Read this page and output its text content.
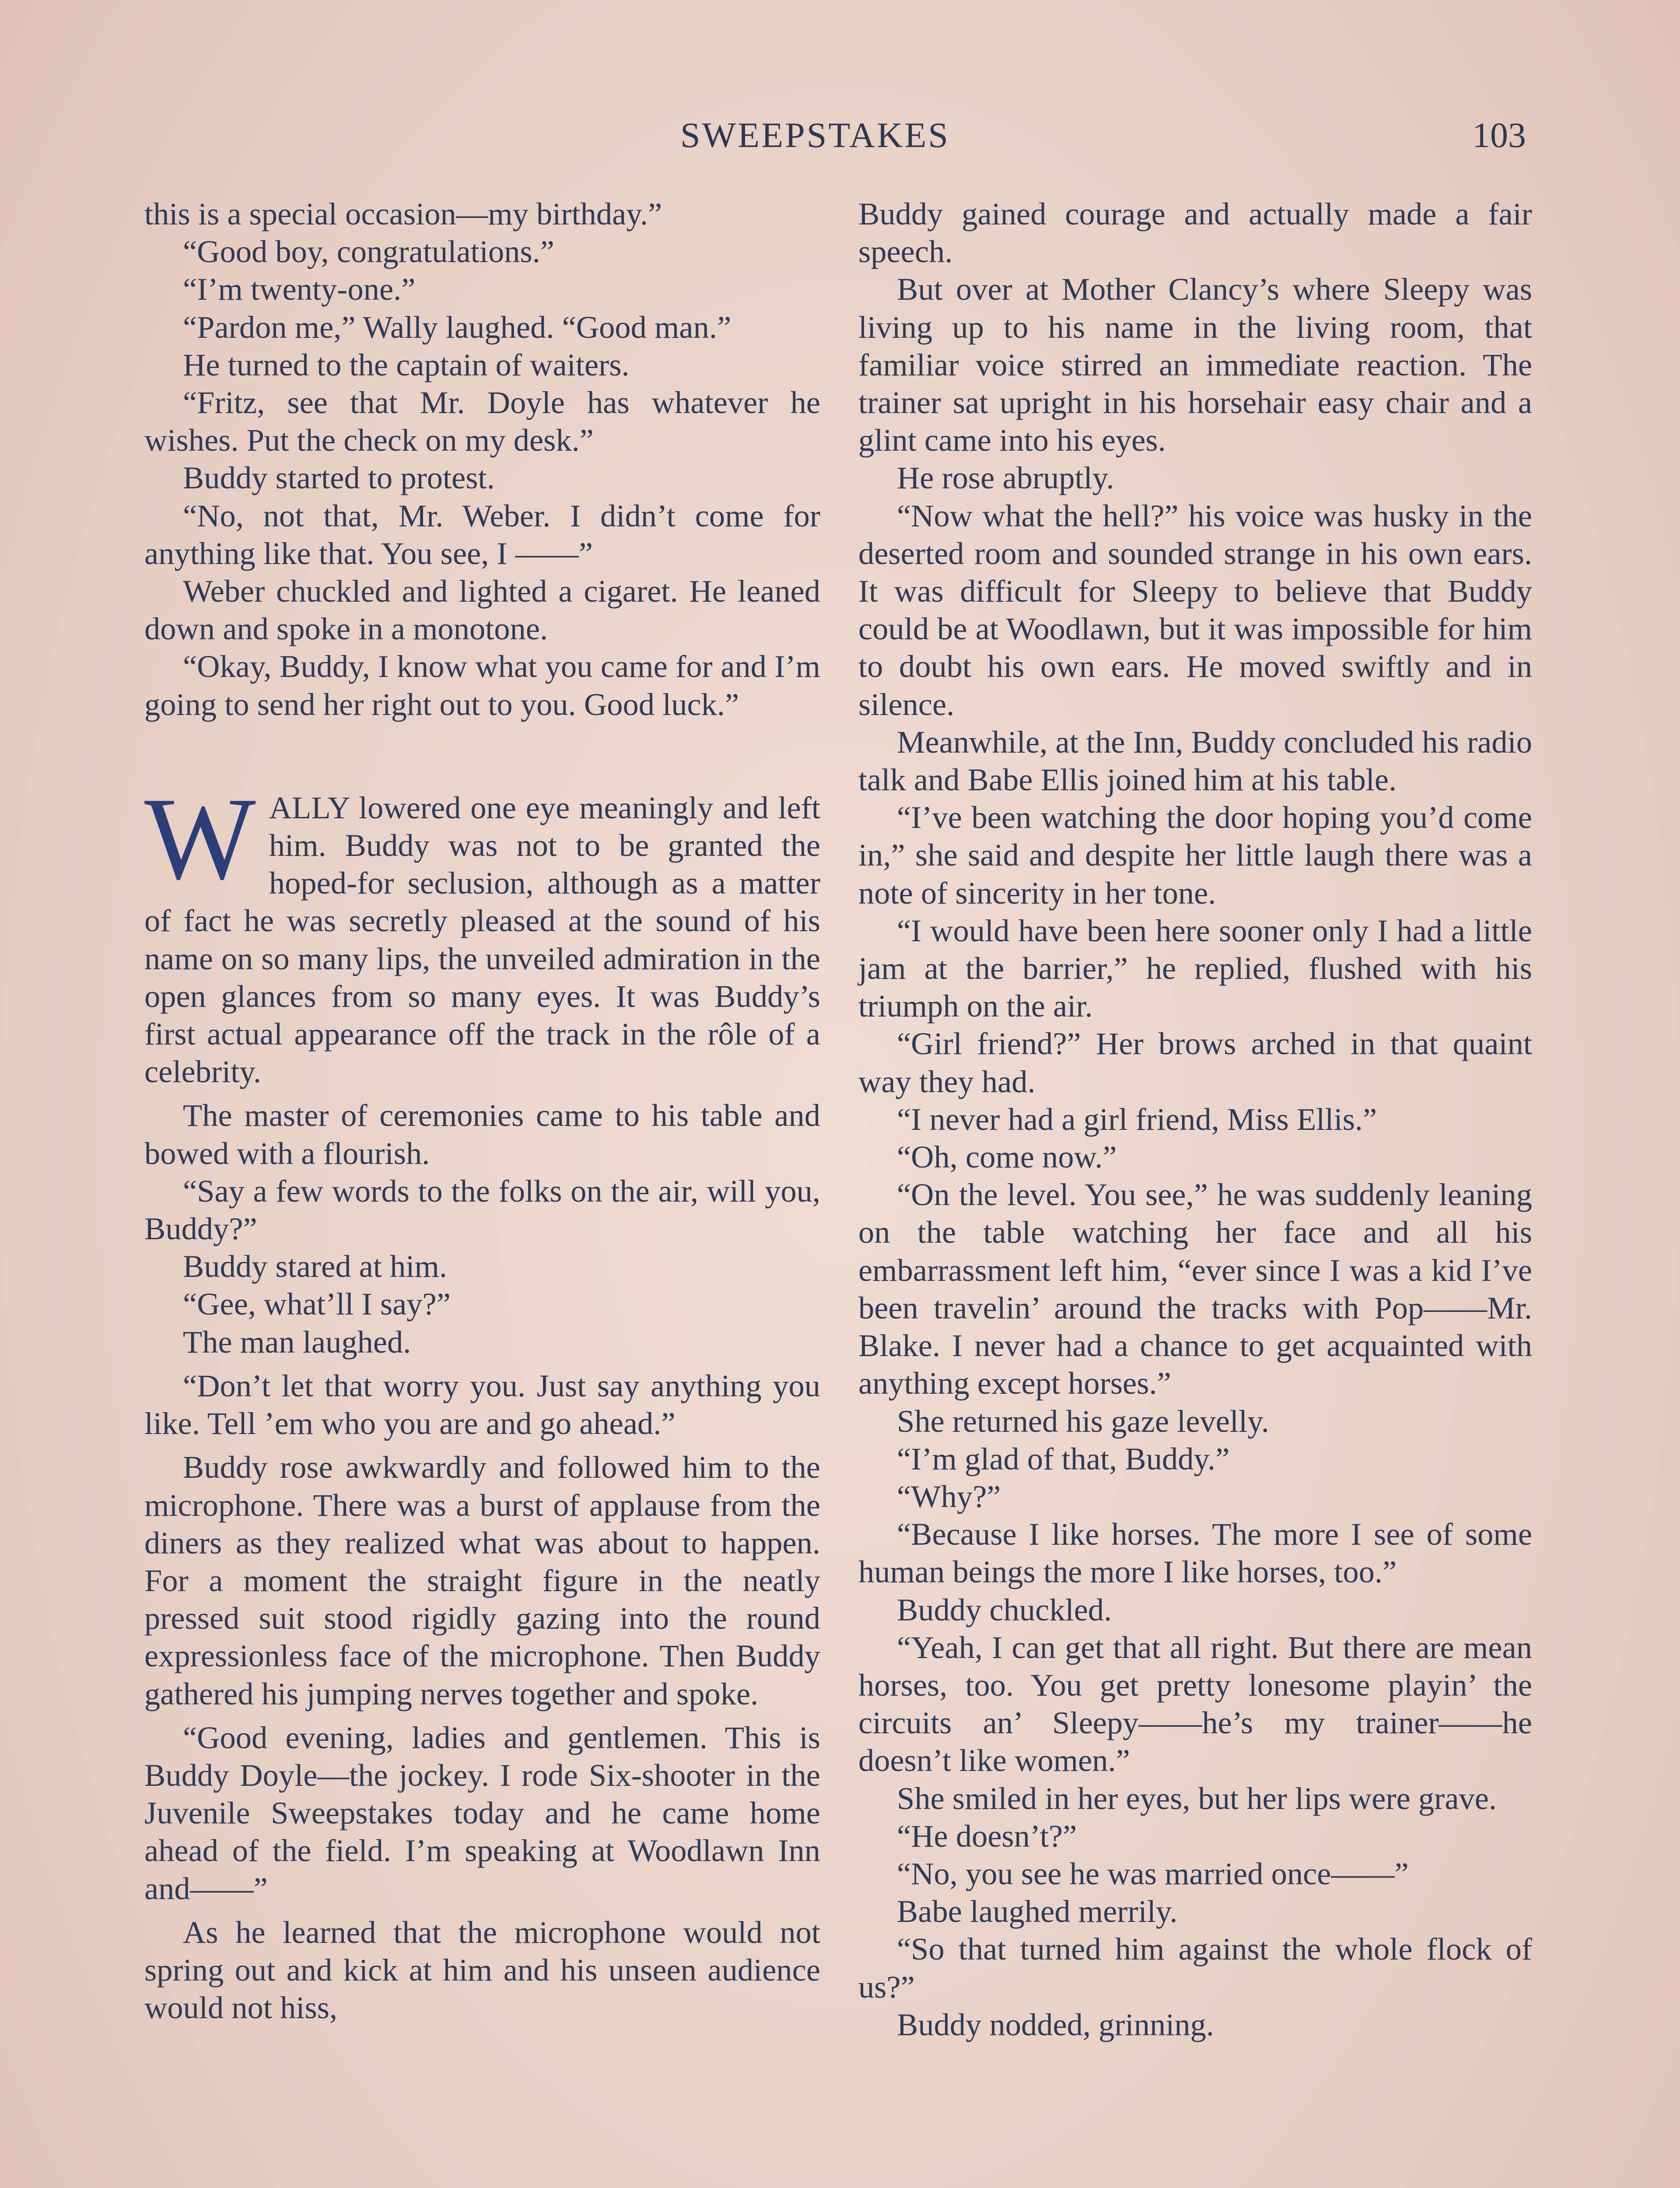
SWEEPSTAKES	103

this is a special occasion—my birthday.”

“Good boy, congratulations.”

“I’m twenty-one.”

“Pardon me,” Wally laughed. “Good man.”

He turned to the captain of waiters.

“Fritz, see that Mr. Doyle has whatever he wishes. Put the check on my desk.”

Buddy started to protest.

“No, not that, Mr. Weber. I didn’t come for anything like that. You see, I ——”

Weber chuckled and lighted a cigaret. He leaned down and spoke in a monotone.

“Okay, Buddy, I know what you came for and I’m going to send her right out to you. Good luck.”

WALLY lowered one eye meaningly and left him. Buddy was not to be granted the hoped-for seclusion, although as a matter of fact he was secretly pleased at the sound of his name on so many lips, the unveiled admiration in the open glances from so many eyes. It was Buddy’s first actual appearance off the track in the rôle of a celebrity.

The master of ceremonies came to his table and bowed with a flourish.

“Say a few words to the folks on the air, will you, Buddy?”

Buddy stared at him.

“Gee, what’ll I say?”

The man laughed.

“Don’t let that worry you. Just say anything you like. Tell ’em who you are and go ahead.”

Buddy rose awkwardly and followed him to the microphone. There was a burst of applause from the diners as they realized what was about to happen. For a moment the straight figure in the neatly pressed suit stood rigidly gazing into the round expressionless face of the microphone. Then Buddy gathered his jumping nerves together and spoke.

“Good evening, ladies and gentlemen. This is Buddy Doyle—the jockey. I rode Six-shooter in the Juvenile Sweepstakes today and he came home ahead of the field. I’m speaking at Woodlawn Inn and——”

As he learned that the microphone would not spring out and kick at him and his unseen audience would not hiss,

Buddy gained courage and actually made a fair speech.

But over at Mother Clancy’s where Sleepy was living up to his name in the living room, that familiar voice stirred an immediate reaction. The trainer sat upright in his horsehair easy chair and a glint came into his eyes.

He rose abruptly.

“Now what the hell?” his voice was husky in the deserted room and sounded strange in his own ears. It was difficult for Sleepy to believe that Buddy could be at Woodlawn, but it was impossible for him to doubt his own ears. He moved swiftly and in silence.

Meanwhile, at the Inn, Buddy concluded his radio talk and Babe Ellis joined him at his table.

“I’ve been watching the door hoping you’d come in,” she said and despite her little laugh there was a note of sincerity in her tone.

“I would have been here sooner only I had a little jam at the barrier,” he replied, flushed with his triumph on the air.

“Girl friend?” Her brows arched in that quaint way they had.

“I never had a girl friend, Miss Ellis.”

“Oh, come now.”

“On the level. You see,” he was suddenly leaning on the table watching her face and all his embarrassment left him, “ever since I was a kid I’ve been travelin’ around the tracks with Pop——Mr. Blake. I never had a chance to get acquainted with anything except horses.”

She returned his gaze levelly.

“I’m glad of that, Buddy.”

“Why?”

“Because I like horses. The more I see of some human beings the more I like horses, too.”

Buddy chuckled.

“Yeah, I can get that all right. But there are mean horses, too. You get pretty lonesome playin’ the circuits an’ Sleepy——he’s my trainer——he doesn’t like women.”

She smiled in her eyes, but her lips were grave.

“He doesn’t?”

“No, you see he was married once——”

Babe laughed merrily.

“So that turned him against the whole flock of us?”

Buddy nodded, grinning.
